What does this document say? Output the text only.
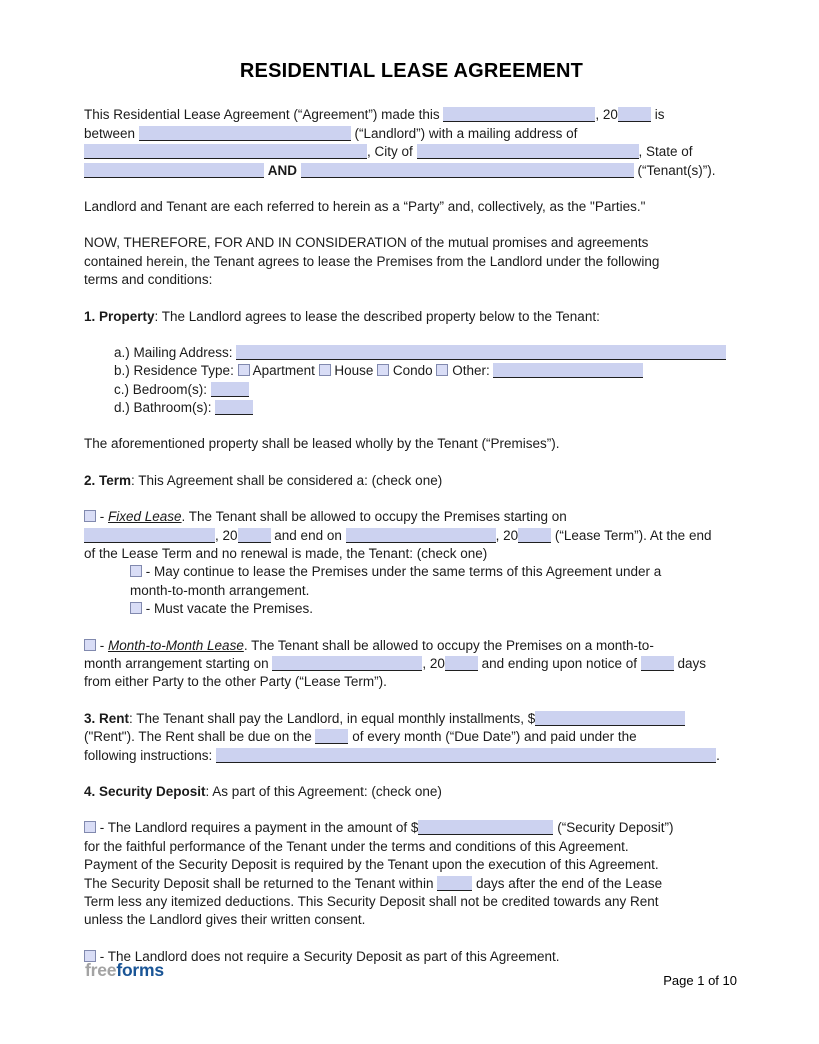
RESIDENTIAL LEASE AGREEMENT
This Residential Lease Agreement (“Agreement”) made this	, 20 is
between	(“Landlord”) with a mailing address of
, City of	, State of
AND	(“Tenant(s)”).
Landlord and Tenant are each referred to herein as a “Party” and, collectively, as the "Parties."
NOW, THEREFORE, FOR AND IN CONSIDERATION of the mutual promises and agreements
contained herein, the Tenant agrees to lease the Premises from the Landlord under the following
terms and conditions:
1. Property: The Landlord agrees to lease the described property below to the Tenant:
a.) Mailing Address:
b.) Residence Type:  Apartment  House  Condo  Other:
c.) Bedroom(s):
d.) Bathroom(s):
The aforementioned property shall be leased wholly by the Tenant (“Premises”).
2. Term: This Agreement shall be considered a: (check one)
- Fixed Lease. The Tenant shall be allowed to occupy the Premises starting on
, 20 and end on	, 20 (“Lease Term”). At the end
of the Lease Term and no renewal is made, the Tenant: (check one)
- May continue to lease the Premises under the same terms of this Agreement under a
month-to-month arrangement.
- Must vacate the Premises.
- Month-to-Month Lease. The Tenant shall be allowed to occupy the Premises on a month-to-
month arrangement starting on	, 20 and ending upon notice of  days
from either Party to the other Party (“Lease Term”).
3. Rent: The Tenant shall pay the Landlord, in equal monthly installments, $
("Rent"). The Rent shall be due on the  of every month (“Due Date”) and paid under the
following instructions:	.
4. Security Deposit: As part of this Agreement: (check one)
- The Landlord requires a payment in the amount of $	(“Security Deposit”)
for the faithful performance of the Tenant under the terms and conditions of this Agreement.
Payment of the Security Deposit is required by the Tenant upon the execution of this Agreement.
The Security Deposit shall be returned to the Tenant within	days after the end of the Lease
Term less any itemized deductions. This Security Deposit shall not be credited towards any Rent
unless the Landlord gives their written consent.
- The Landlord does not require a Security Deposit as part of this Agreement.
freeforms
Page 1 of 10
